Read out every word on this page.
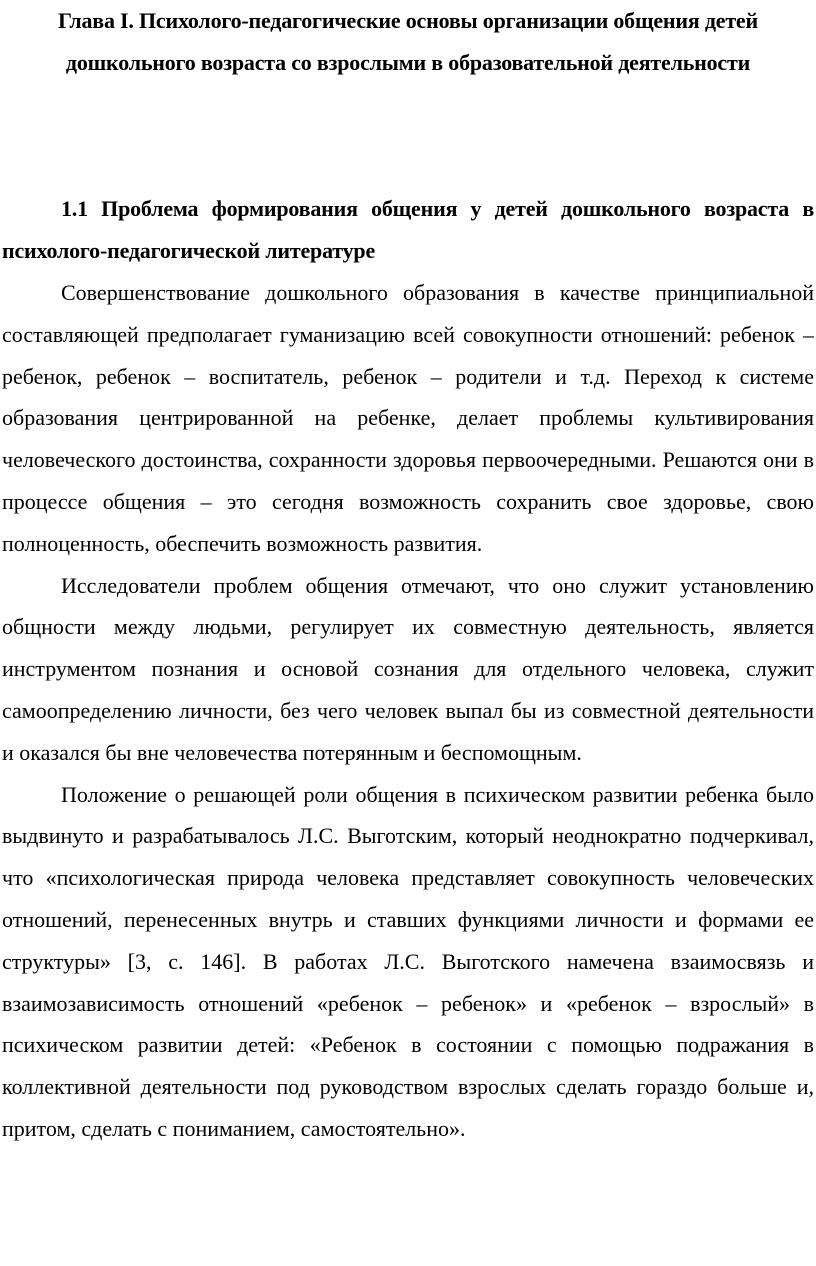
Глава I. Психолого-педагогические основы организации общения детей дошкольного возраста со взрослыми в образовательной деятельности
1.1 Проблема формирования общения у детей дошкольного возраста в психолого-педагогической литературе

Совершенствование дошкольного образования в качестве принципиальной составляющей предполагает гуманизацию всей совокупности отношений: ребенок – ребенок, ребенок – воспитатель, ребенок – родители и т.д. Переход к системе образования центрированной на ребенке, делает проблемы культивирования человеческого достоинства, сохранности здоровья первоочередными. Решаются они в процессе общения – это сегодня возможность сохранить свое здоровье, свою полноценность, обеспечить возможность развития.

Исследователи проблем общения отмечают, что оно служит установлению общности между людьми, регулирует их совместную деятельность, является инструментом познания и основой сознания для отдельного человека, служит самоопределению личности, без чего человек выпал бы из совместной деятельности и оказался бы вне человечества потерянным и беспомощным.

Положение о решающей роли общения в психическом развитии ребенка было выдвинуто и разрабатывалось Л.С. Выготским, который неоднократно подчеркивал, что «психологическая природа человека представляет совокупность человеческих отношений, перенесенных внутрь и ставших функциями личности и формами ее структуры» [3, с. 146]. В работах Л.С. Выготского намечена взаимосвязь и взаимозависимость отношений «ребенок – ребенок» и «ребенок – взрослый» в психическом развитии детей: «Ребенок в состоянии с помощью подражания в коллективной деятельности под руководством взрослых сделать гораздо больше и, притом, сделать с пониманием, самостоятельно».
